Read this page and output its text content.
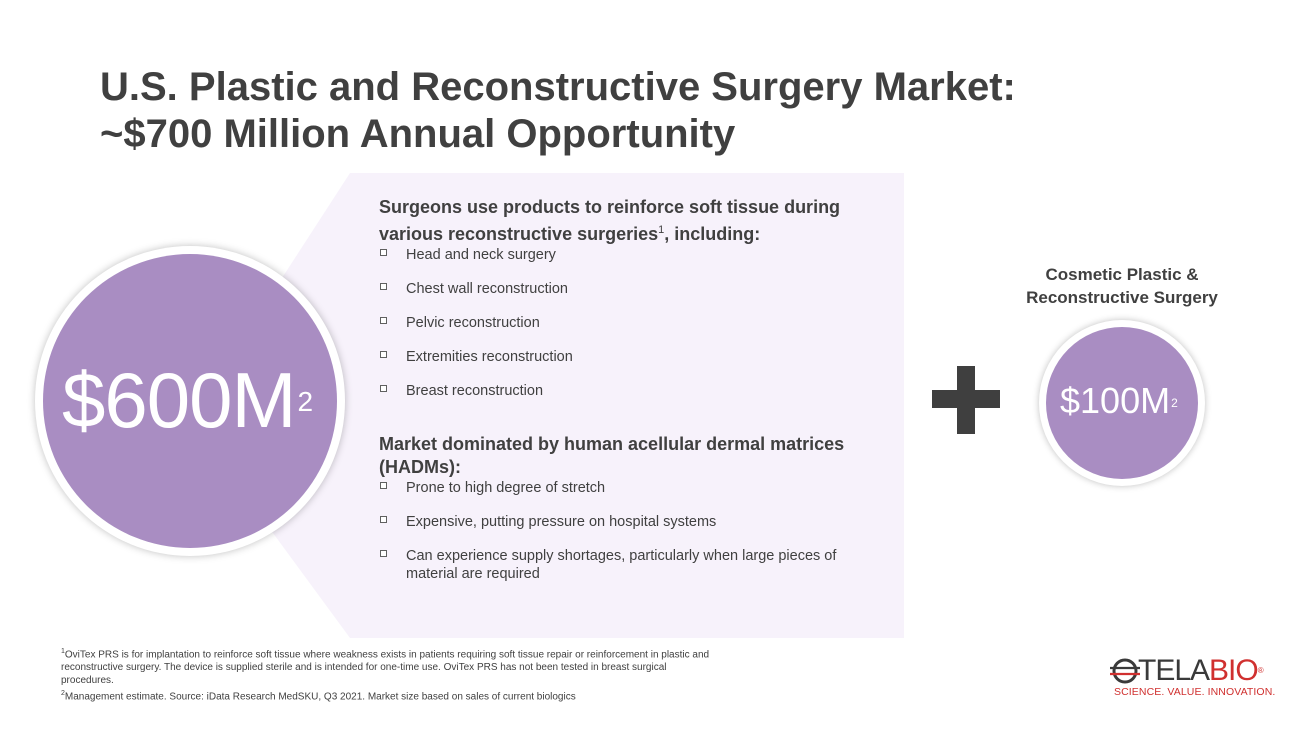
U.S. Plastic and Reconstructive Surgery Market:
~$700 Million Annual Opportunity
$\$600M^2$
Surgeons use products to reinforce soft tissue during various reconstructive surgeries$^1$, including:
Head and neck surgery
Chest wall reconstruction
Pelvic reconstruction
Extremities reconstruction
Breast reconstruction
Market dominated by human acellular dermal matrices (HADMs):
Prone to high degree of stretch
Expensive, putting pressure on hospital systems
Can experience supply shortages, particularly when large pieces of material are required
Cosmetic Plastic & Reconstructive Surgery
$\$100M^2$
$^1$OviTex PRS is for implantation to reinforce soft tissue where weakness exists in patients requiring soft tissue repair or reinforcement in plastic and reconstructive surgery. The device is supplied sterile and is intended for one-time use. OviTex PRS has not been tested in breast surgical procedures.
$^2$Management estimate. Source: iData Research MedSKU, Q3 2021. Market size based on sales of current biologics
TELABIO®
SCIENCE. VALUE. INNOVATION.
